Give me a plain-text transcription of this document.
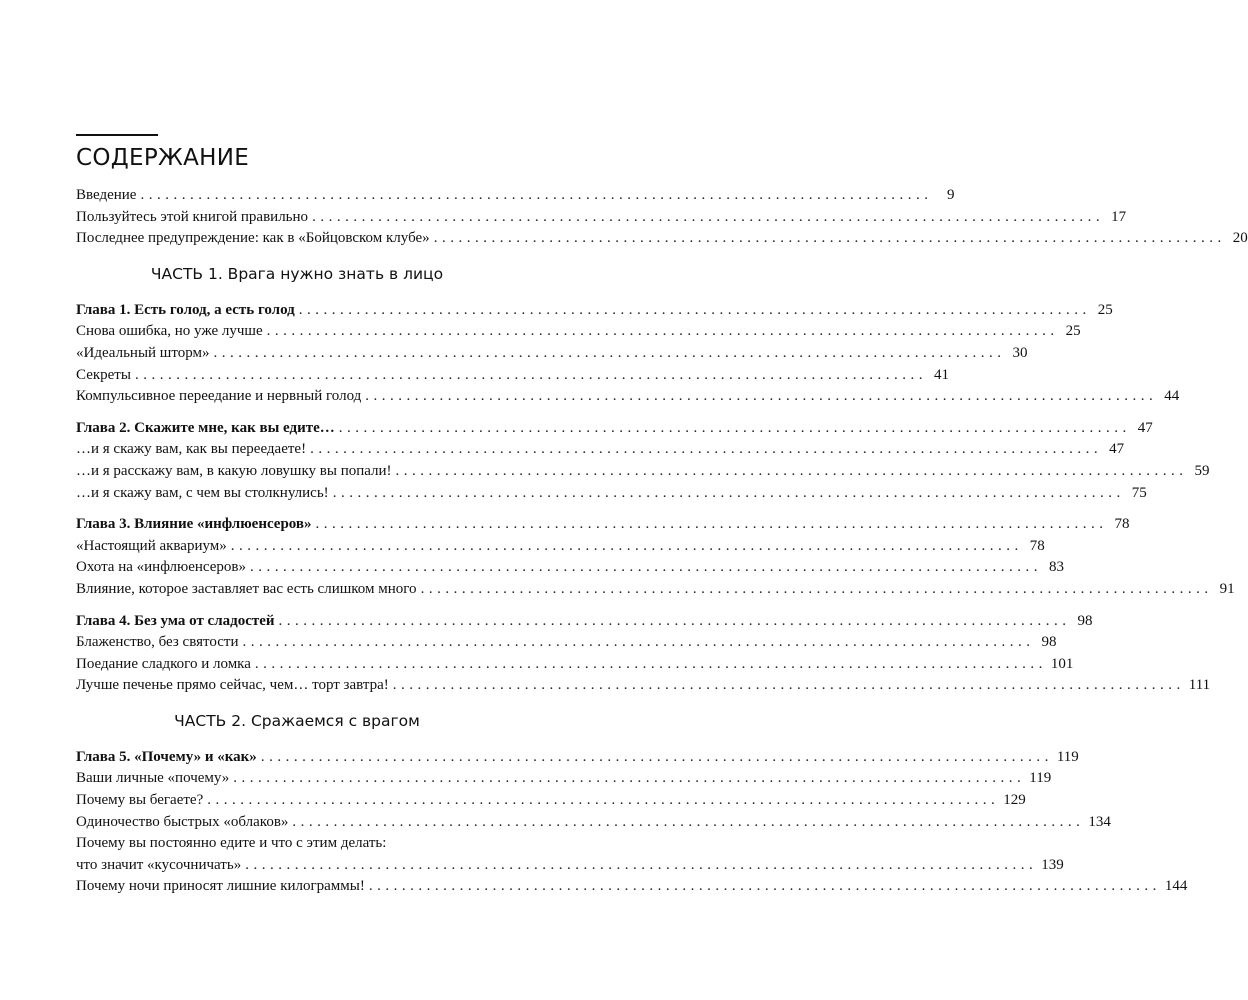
СОДЕРЖАНИЕ
Введение ................................................................................................ 9
Пользуйтесь этой книгой правильно ................................................................................................ 17
Последнее предупреждение: как в «Бойцовском клубе» ................................................................................................ 20
ЧАСТЬ 1. Врага нужно знать в лицо
Глава 1. Есть голод, а есть голод ................................................................................................ 25
Снова ошибка, но уже лучше ................................................................................................ 25
«Идеальный шторм» ................................................................................................ 30
Секреты ................................................................................................ 41
Компульсивное переедание и нервный голод ................................................................................................ 44
Глава 2. Скажите мне, как вы едите… ................................................................................................ 47
…и я скажу вам, как вы переедаете! ................................................................................................ 47
…и я расскажу вам, в какую ловушку вы попали! ................................................................................................ 59
…и я скажу вам, с чем вы столкнулись! ................................................................................................ 75
Глава 3. Влияние «инфлюенсеров» ................................................................................................ 78
«Настоящий аквариум» ................................................................................................ 78
Охота на «инфлюенсеров» ................................................................................................ 83
Влияние, которое заставляет вас есть слишком много ................................................................................................ 91
Глава 4. Без ума от сладостей ................................................................................................ 98
Блаженство, без святости ................................................................................................ 98
Поедание сладкого и ломка ................................................................................................ 101
Лучше печенье прямо сейчас, чем… торт завтра! ................................................................................................ 111
ЧАСТЬ 2. Сражаемся с врагом
Глава 5. «Почему» и «как» ................................................................................................ 119
Ваши личные «почему» ................................................................................................ 119
Почему вы бегаете? ................................................................................................ 129
Одиночество быстрых «облаков» ................................................................................................ 134
Почему вы постоянно едите и что с этим делать:
что значит «кусочничать» ................................................................................................ 139
Почему ночи приносят лишние килограммы! ................................................................................................ 144
